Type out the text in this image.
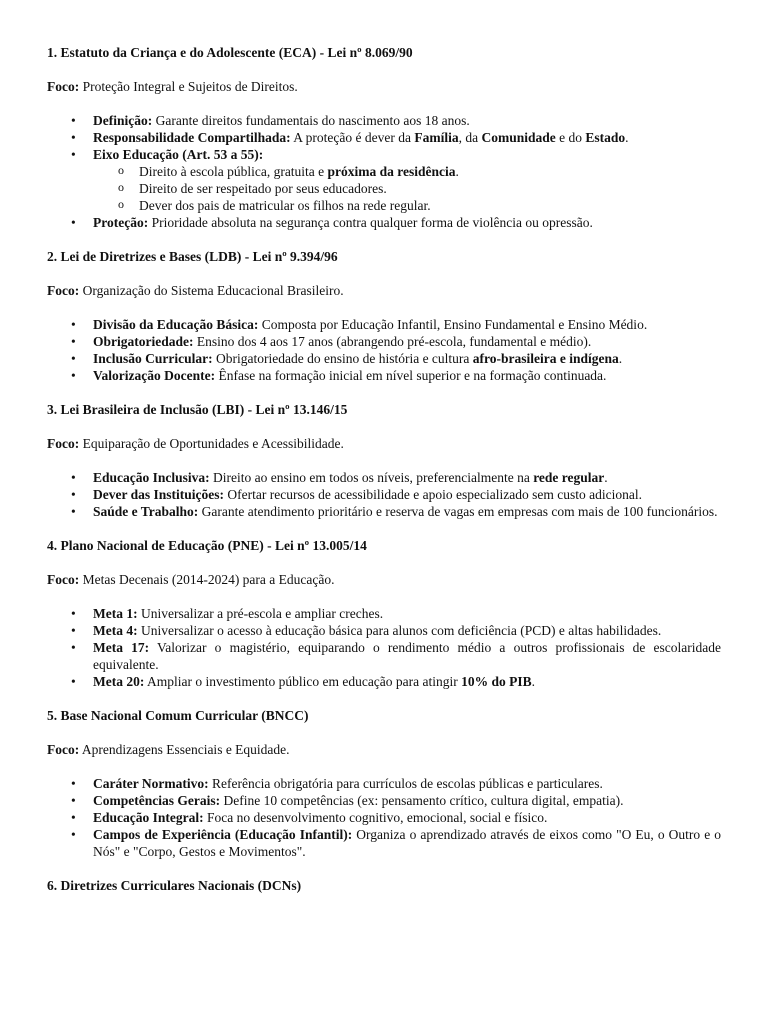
1. Estatuto da Criança e do Adolescente (ECA) - Lei nº 8.069/90

Foco: Proteção Integral e Sujeitos de Direitos.

• Definição: Garante direitos fundamentais do nascimento aos 18 anos.
• Responsabilidade Compartilhada: A proteção é dever da Família, da Comunidade e do Estado.
• Eixo Educação (Art. 53 a 55):
o Direito à escola pública, gratuita e próxima da residência.
o Direito de ser respeitado por seus educadores.
o Dever dos pais de matricular os filhos na rede regular.
• Proteção: Prioridade absoluta na segurança contra qualquer forma de violência ou opressão.
2. Lei de Diretrizes e Bases (LDB) - Lei nº 9.394/96

Foco: Organização do Sistema Educacional Brasileiro.

• Divisão da Educação Básica: Composta por Educação Infantil, Ensino Fundamental e Ensino Médio.
• Obrigatoriedade: Ensino dos 4 aos 17 anos (abrangendo pré-escola, fundamental e médio).
• Inclusão Curricular: Obrigatoriedade do ensino de história e cultura afro-brasileira e indígena.
• Valorização Docente: Ênfase na formação inicial em nível superior e na formação continuada.
3. Lei Brasileira de Inclusão (LBI) - Lei nº 13.146/15

Foco: Equiparação de Oportunidades e Acessibilidade.

• Educação Inclusiva: Direito ao ensino em todos os níveis, preferencialmente na rede regular.
• Dever das Instituições: Ofertar recursos de acessibilidade e apoio especializado sem custo adicional.
• Saúde e Trabalho: Garante atendimento prioritário e reserva de vagas em empresas com mais de 100 funcionários.
4. Plano Nacional de Educação (PNE) - Lei nº 13.005/14

Foco: Metas Decenais (2014-2024) para a Educação.

• Meta 1: Universalizar a pré-escola e ampliar creches.
• Meta 4: Universalizar o acesso à educação básica para alunos com deficiência (PCD) e altas habilidades.
• Meta 17: Valorizar o magistério, equiparando o rendimento médio a outros profissionais de escolaridade equivalente.
• Meta 20: Ampliar o investimento público em educação para atingir 10% do PIB.
5. Base Nacional Comum Curricular (BNCC)

Foco: Aprendizagens Essenciais e Equidade.

• Caráter Normativo: Referência obrigatória para currículos de escolas públicas e particulares.
• Competências Gerais: Define 10 competências (ex: pensamento crítico, cultura digital, empatia).
• Educação Integral: Foca no desenvolvimento cognitivo, emocional, social e físico.
• Campos de Experiência (Educação Infantil): Organiza o aprendizado através de eixos como "O Eu, o Outro e o Nós" e "Corpo, Gestos e Movimentos".
6. Diretrizes Curriculares Nacionais (DCNs)
